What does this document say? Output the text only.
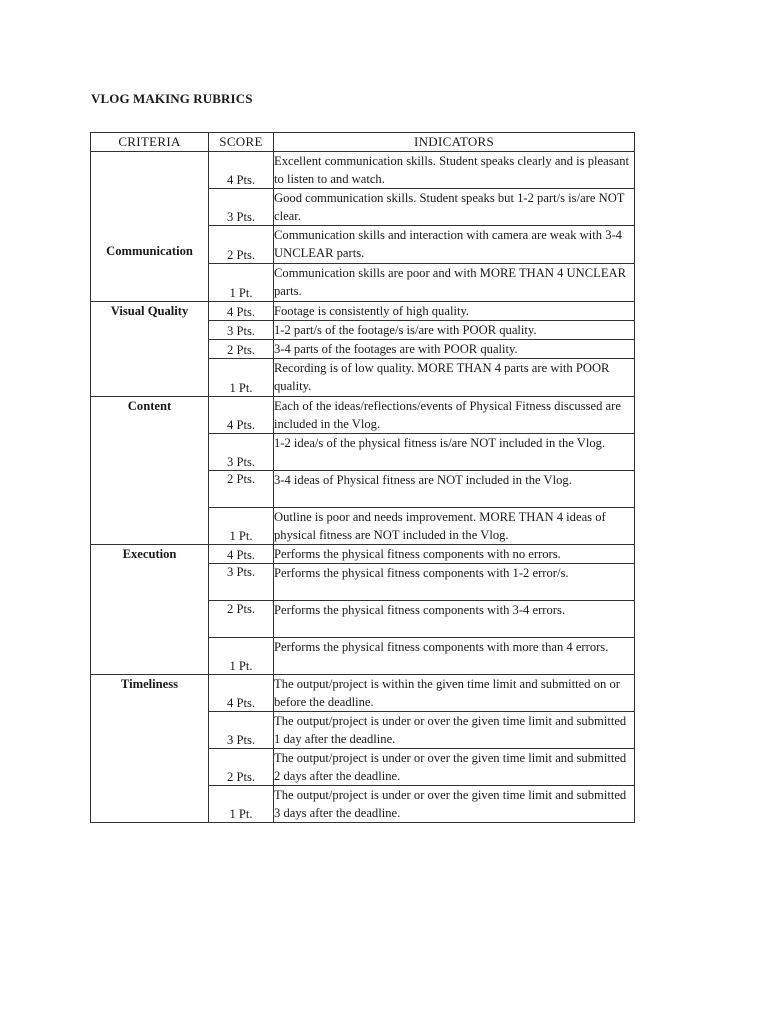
VLOG MAKING RUBRICS
CRITERIA	SCORE	INDICATORS

Communication	4 Pts.	Excellent communication skills. Student speaks clearly and is pleasant to listen to and watch.
	3 Pts.	Good communication skills. Student speaks but 1-2 part/s is/are NOT clear.
	2 Pts.	Communication skills and interaction with camera are weak with 3-4 UNCLEAR parts.
	1 Pt.	Communication skills are poor and with MORE THAN 4 UNCLEAR parts.

Visual Quality	4 Pts.	Footage is consistently of high quality.
	3 Pts.	1-2 part/s of the footage/s is/are with POOR quality.
	2 Pts.	3-4 parts of the footages are with POOR quality.
	1 Pt.	Recording is of low quality. MORE THAN 4 parts are with POOR quality.

Content	4 Pts.	Each of the ideas/reflections/events of Physical Fitness discussed are included in the Vlog.
	3 Pts.	1-2 idea/s of the physical fitness is/are NOT included in the Vlog.
	2 Pts.	3-4 ideas of Physical fitness are NOT included in the Vlog.
	1 Pt.	Outline is poor and needs improvement. MORE THAN 4 ideas of physical fitness are NOT included in the Vlog.

Execution	4 Pts.	Performs the physical fitness components with no errors.
	3 Pts.	Performs the physical fitness components with 1-2 error/s.
	2 Pts.	Performs the physical fitness components with 3-4 errors.
	1 Pt.	Performs the physical fitness components with more than 4 errors.

Timeliness	4 Pts.	The output/project is within the given time limit and submitted on or before the deadline.
	3 Pts.	The output/project is under or over the given time limit and submitted 1 day after the deadline.
	2 Pts.	The output/project is under or over the given time limit and submitted 2 days after the deadline.
	1 Pt.	The output/project is under or over the given time limit and submitted 3 days after the deadline.
